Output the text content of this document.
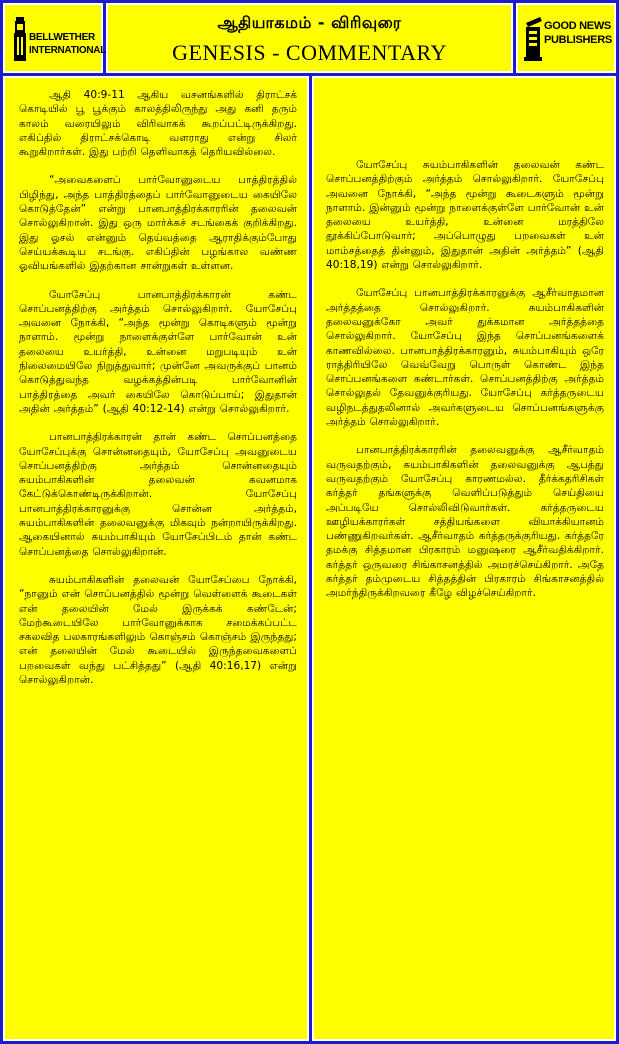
BELLWETHER
INTERNATIONAL
ஆதியாகமம் - விரிவுரை
GENESIS - COMMENTARY
GOOD NEWS
PUBLISHERS

ஆதி 40:9-11 ஆகிய வசனங்களில் திராட்சக் கொடியில் பூ பூக்கும் காலத்திலிருந்து அது கனி தரும் காலம் வரையிலும் விரிவாகக் கூறப்பட்டிருக்கிறது. எகிப்தில் திராட்சக்கொடி வளராது என்று சிலர் கூறுகிறார்கள். இது பற்றி தெளிவாகத் தெரியவில்லை.

“அவைகளைப் பார்வோனுடைய பாத்திரத்தில் பிழிந்து, அந்த பாத்திரத்தைப் பார்வோனுடைய கையிலே கொடுத்தேன்” என்று பானபாத்திரக்காரரின் தலைவன் சொல்லுகிறான். இது ஒரு மார்க்கச் சடங்கைக் குறிக்கிறது. இது ஓசல் என்னும் தெய்வத்தை ஆராதிக்கும்போது செய்யக்கூடிய சடங்கு. எகிப்தின் பழங்கால வண்ண ஓவியங்களில் இதற்கான சான்றுகள் உள்ளன.

யோசேப்பு பானபாத்திரக்காரன் கண்ட சொப்பனத்திற்கு அர்த்தம் சொல்லுகிறார். யோசேப்பு அவனை நோக்கி, “அந்த மூன்று கொடிகளும் மூன்று நாளாம். மூன்று நாளைக்குள்ளே பார்வோன் உன் தலையை உயர்த்தி, உன்னை மறுபடியும் உன் நிலைமையிலே நிறுத்துவார்; முன்னே அவருக்குப் பானம் கொடுத்துவந்த வழக்கத்தின்படி பார்வோனின் பாத்திரத்தை அவர் கையிலே கொடுப்பாய்; இதுதான் அதின் அர்த்தம்” (ஆதி 40:12-14) என்று சொல்லுகிறார்.

பானபாத்திரக்காரன் தான் கண்ட சொப்பனத்தை யோசேப்புக்கு சொன்னதையும், யோசேப்பு அவனுடைய சொப்பனத்திற்கு அர்த்தம் சொன்னதையும் சுயம்பாகிகளின் தலைவன் கவனமாக கேட்டுக்கொண்டிருக்கிறான். யோசேப்பு பானபாத்திரக்காரனுக்கு சொன்ன அர்த்தம், சுயம்பாகிகளின் தலைவனுக்கு மிகவும் நன்றாயிருக்கிறது. ஆகையினால் சுயம்பாகியும் யோசேப்பிடம் தான் கண்ட சொப்பனத்தை சொல்லுகிறான்.

சுயம்பாகிகளின் தலைவன் யோசேப்பை நோக்கி, “நானும் என் சொப்பனத்தில் மூன்று வெள்ளைக் கூடைகள் என் தலையின் மேல் இருக்கக் கண்டேன்; மேற்கூடையிலே பார்வோனுக்காக சமைக்கப்பட்ட சகலவித பலகாரங்களிலும் கொஞ்சம் கொஞ்சம் இருந்தது; என் தலையின் மேல் கூடையில் இருந்தவைகளைப் பறவைகள் வந்து பட்சித்தது” (ஆதி 40:16,17) என்று சொல்லுகிறான்.

யோசேப்பு சுயம்பாகிகளின் தலைவன் கண்ட சொப்பனத்திற்கும் அர்த்தம் சொல்லுகிறார். யோசேப்பு அவனை நோக்கி, “அந்த மூன்று கூடைகளும் மூன்று நாளாம். இன்னும் மூன்று நாளைக்குள்ளே பார்வோன் உன் தலையை உயர்த்தி, உன்னை மரத்திலே தூக்கிப்போடுவார்; அப்பொழுது பறவைகள் உன் மாம்சத்தைத் தின்னும், இதுதான் அதின் அர்த்தம்” (ஆதி 40:18,19) என்று சொல்லுகிறார்.

யோசேப்பு பானபாத்திரக்காரனுக்கு ஆசீர்வாதமான அர்த்தத்தை சொல்லுகிறார். சுயம்பாகிகளின் தலைவனுக்கோ அவர் துக்கமான அர்த்தத்தை சொல்லுகிறார். யோசேப்பு இந்த சொப்பனங்களைக் காணவில்லை. பானபாத்திரக்காரனும், சுயம்பாகியும் ஒரே ராத்திரியிலே வெவ்வேறு பொருள் கொண்ட இந்த சொப்பனங்களை கண்டார்கள். சொப்பனத்திற்கு அர்த்தம் சொல்லுதல் தேவனுக்குரியது. யோசேப்பு கர்த்தருடைய வழிநடத்துதலினால் அவர்களுடைய சொப்பனங்களுக்கு அர்த்தம் சொல்லுகிறார்.

பானபாத்திரக்காரரின் தலைவனுக்கு ஆசீர்வாதம் வருவதற்கும், சுயம்பாகிகளின் தலைவனுக்கு ஆபத்து வருவதற்கும் யோசேப்பு காரணமல்ல. தீர்க்கதரிசிகள் கர்த்தர் தங்களுக்கு வெளிப்படுத்தும் செய்தியை அப்படியே சொல்லிவிடுவார்கள். கர்த்தருடைய ஊழியக்காரர்கள் சத்தியங்களை வியாக்கியானம் பண்ணுகிறவர்கள். ஆசீர்வாதம் கர்த்தருக்குரியது. கர்த்தரே தமக்கு சித்தமான பிரகாரம் மனுஷரை ஆசீர்வதிக்கிறார். கர்த்தர் ஒருவரை சிங்காசனத்தில் அமரச்செய்கிறார். அதே கர்த்தர் தம்முடைய சித்தத்தின் பிரகாரம் சிங்காசனத்தில் அமர்ந்திருக்கிறவரை கீழே விழச்செய்கிறார்.
